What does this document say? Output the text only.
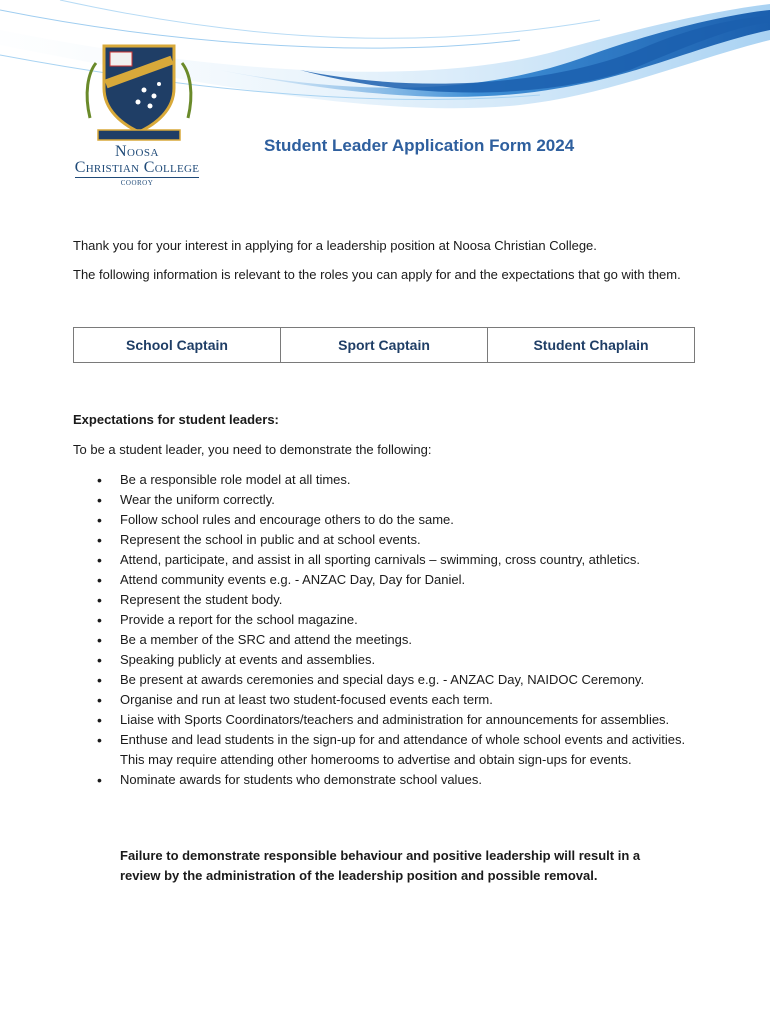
Noosa
Christian College
COOROY
Student Leader Application Form 2024
Thank you for your interest in applying for a leadership position at Noosa Christian College.
The following information is relevant to the roles you can apply for and the expectations that go with them.
School Captain	Sport Captain	Student Chaplain
Expectations for student leaders:
To be a student leader, you need to demonstrate the following:
• Be a responsible role model at all times.
• Wear the uniform correctly.
• Follow school rules and encourage others to do the same.
• Represent the school in public and at school events.
• Attend, participate, and assist in all sporting carnivals – swimming, cross country, athletics.
• Attend community events e.g. - ANZAC Day, Day for Daniel.
• Represent the student body.
• Provide a report for the school magazine.
• Be a member of the SRC and attend the meetings.
• Speaking publicly at events and assemblies.
• Be present at awards ceremonies and special days e.g. - ANZAC Day, NAIDOC Ceremony.
• Organise and run at least two student-focused events each term.
• Liaise with Sports Coordinators/teachers and administration for announcements for assemblies.
• Enthuse and lead students in the sign-up for and attendance of whole school events and activities. This may require attending other homerooms to advertise and obtain sign-ups for events.
• Nominate awards for students who demonstrate school values.
Failure to demonstrate responsible behaviour and positive leadership will result in a review by the administration of the leadership position and possible removal.
